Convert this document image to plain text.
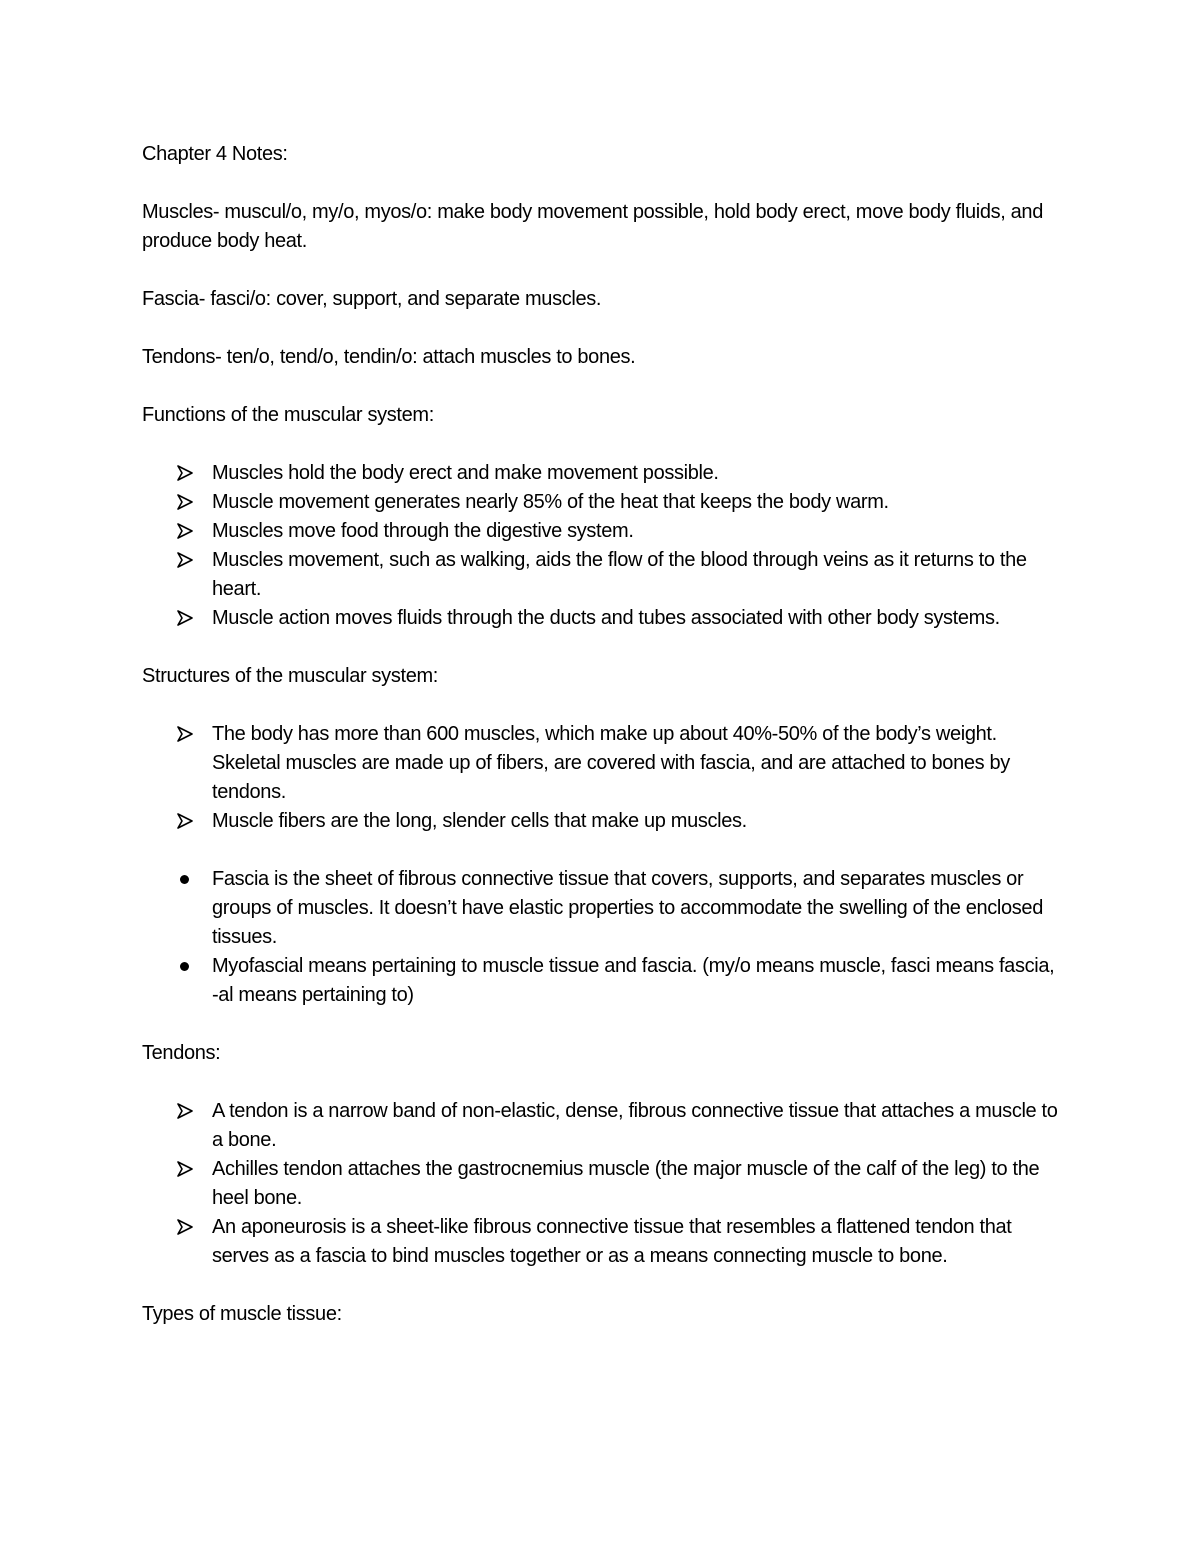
Chapter 4 Notes:

Muscles- muscul/o, my/o, myos/o: make body movement possible, hold body erect, move body fluids, and produce body heat.

Fascia- fasci/o: cover, support, and separate muscles.

Tendons- ten/o, tend/o, tendin/o: attach muscles to bones.

Functions of the muscular system:

Muscles hold the body erect and make movement possible.
Muscle movement generates nearly 85% of the heat that keeps the body warm.
Muscles move food through the digestive system.
Muscles movement, such as walking, aids the flow of the blood through veins as it returns to the heart.
Muscle action moves fluids through the ducts and tubes associated with other body systems.

Structures of the muscular system:

The body has more than 600 muscles, which make up about 40%-50% of the body’s weight. Skeletal muscles are made up of fibers, are covered with fascia, and are attached to bones by tendons.
Muscle fibers are the long, slender cells that make up muscles.
Fascia is the sheet of fibrous connective tissue that covers, supports, and separates muscles or groups of muscles. It doesn’t have elastic properties to accommodate the swelling of the enclosed tissues.
Myofascial means pertaining to muscle tissue and fascia. (my/o means muscle, fasci means fascia, -al means pertaining to)

Tendons:

A tendon is a narrow band of non-elastic, dense, fibrous connective tissue that attaches a muscle to a bone.
Achilles tendon attaches the gastrocnemius muscle (the major muscle of the calf of the leg) to the heel bone.
An aponeurosis is a sheet-like fibrous connective tissue that resembles a flattened tendon that serves as a fascia to bind muscles together or as a means connecting muscle to bone.

Types of muscle tissue:
